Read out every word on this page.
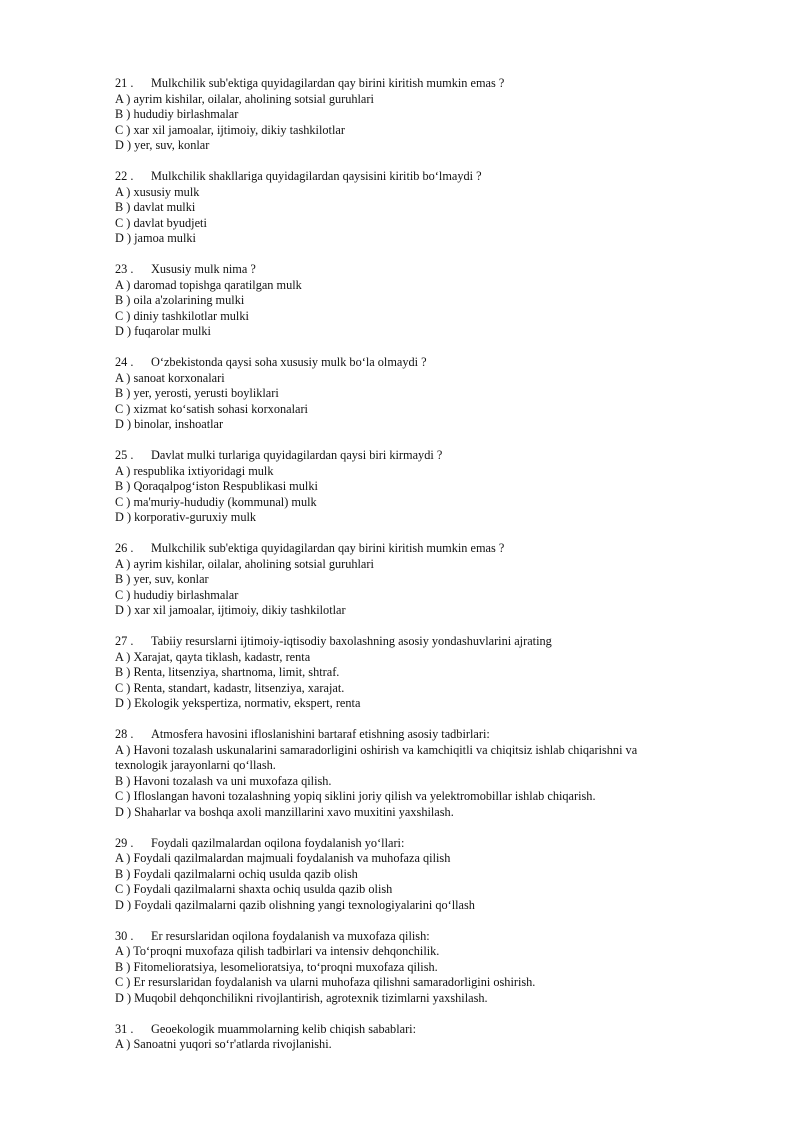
21 . Mulkchilik sub'ektiga quyidagilardan qay birini kiritish mumkin emas ?
A ) ayrim kishilar, oilalar, aholining sotsial guruhlari
B ) hududiy birlashmalar
C ) xar xil jamoalar, ijtimoiy, dikiy tashkilotlar
D ) yer, suv, konlar
22 . Mulkchilik shakllariga quyidagilardan qaysisini kiritib boʻlmaydi ?
A ) xususiy mulk
B ) davlat mulki
C ) davlat byudjeti
D ) jamoa mulki
23 . Xususiy mulk nima ?
A ) daromad topishga qaratilgan mulk
B ) oila a'zolarining mulki
C ) diniy tashkilotlar mulki
D ) fuqarolar mulki
24 . Oʻzbekistonda qaysi soha xususiy mulk boʻla olmaydi ?
A ) sanoat korxonalari
B ) yer, yerosti, yerusti boyliklari
C ) xizmat koʻsatish sohasi korxonalari
D ) binolar, inshoatlar
25 . Davlat mulki turlariga quyidagilardan qaysi biri kirmaydi ?
A ) respublika ixtiyoridagi mulk
B ) Qoraqalpogʻiston Respublikasi mulki
C ) ma'muriy-hududiy (kommunal) mulk
D ) korporativ-guruxiy mulk
26 . Mulkchilik sub'ektiga quyidagilardan qay birini kiritish mumkin emas ?
A ) ayrim kishilar, oilalar, aholining sotsial guruhlari
B ) yer, suv, konlar
C ) hududiy birlashmalar
D ) xar xil jamoalar, ijtimoiy, dikiy tashkilotlar
27 . Tabiiy resurslarni ijtimoiy-iqtisodiy baxolashning asosiy yondashuvlarini ajrating
A ) Xarajat, qayta tiklash, kadastr, renta
B ) Renta, litsenziya, shartnoma, limit, shtraf.
C ) Renta, standart, kadastr, litsenziya, xarajat.
D ) Ekologik yekspertiza, normativ, ekspert, renta
28 . Atmosfera havosini ifloslanishini bartaraf etishning asosiy tadbirlari:
A ) Havoni tozalash uskunalarini samaradorligini oshirish va kamchiqitli va chiqitsiz ishlab chiqarishni va texnologik jarayonlarni qoʻllash.
B ) Havoni tozalash va uni muxofaza qilish.
C ) Ifloslangan havoni tozalashning yopiq siklini joriy qilish va yelektromobillar ishlab chiqarish.
D ) Shaharlar va boshqa axoli manzillarini xavo muxitini yaxshilash.
29 . Foydali qazilmalardan oqilona foydalanish yoʻllari:
A ) Foydali qazilmalardan majmuali foydalanish va muhofaza qilish
B ) Foydali qazilmalarni ochiq usulda qazib olish
C ) Foydali qazilmalarni shaxta ochiq usulda qazib olish
D ) Foydali qazilmalarni qazib olishning yangi texnologiyalarini qoʻllash
30 . Er resurslaridan oqilona foydalanish va muxofaza qilish:
A ) Toʻproqni muxofaza qilish tadbirlari va intensiv dehqonchilik.
B ) Fitomelioratsiya, lesomelioratsiya, toʻproqni muxofaza qilish.
C ) Er resurslaridan foydalanish va ularni muhofaza qilishni samaradorligini oshirish.
D ) Muqobil dehqonchilikni rivojlantirish, agrotexnik tizimlarni yaxshilash.
31 . Geoekologik muammolarning kelib chiqish sabablari:
A ) Sanoatni yuqori soʻr'atlarda rivojlanishi.
